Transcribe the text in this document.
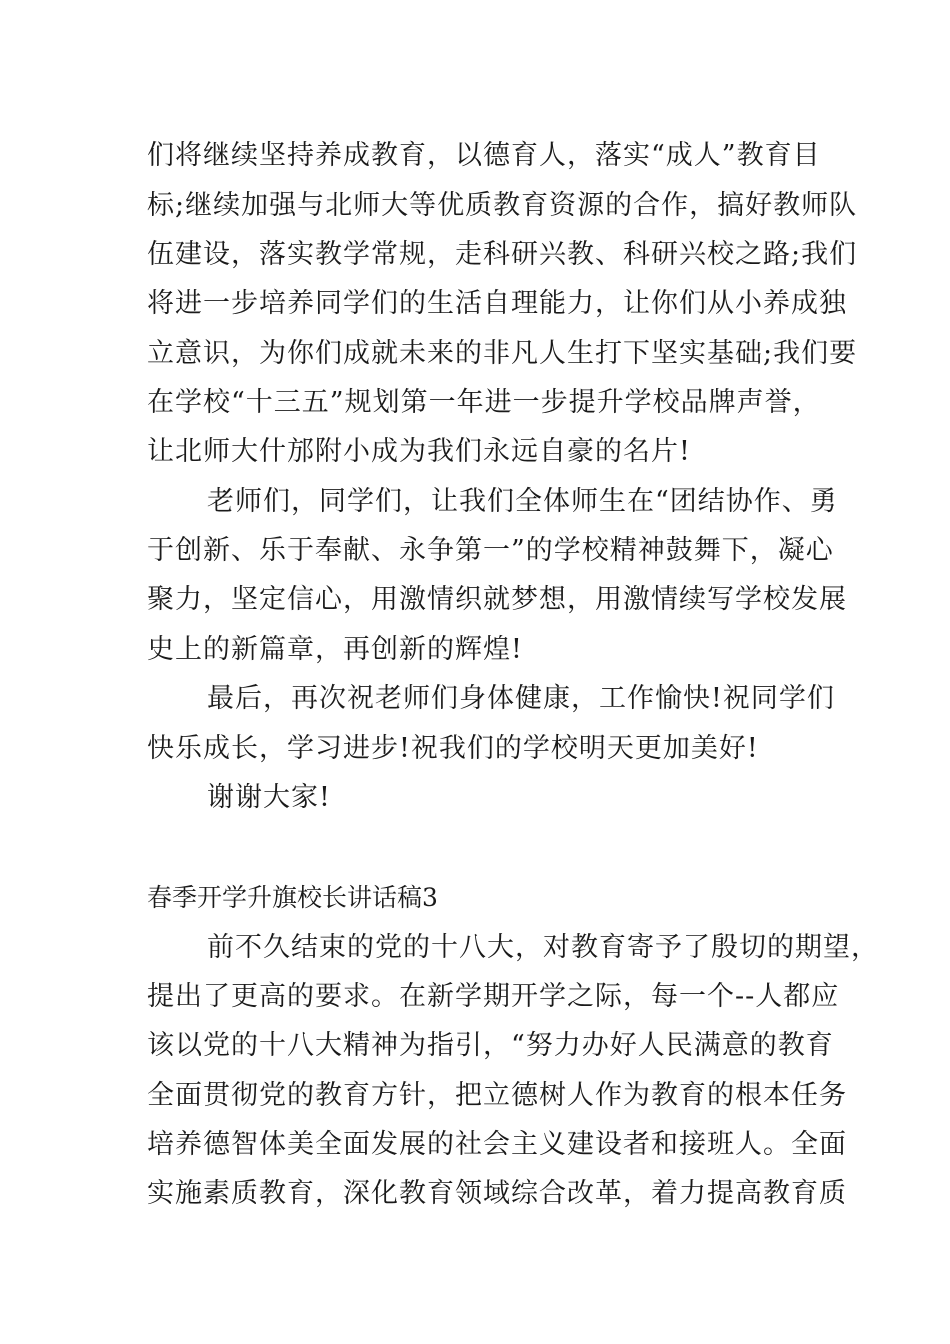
们将继续坚持养成教育，以德育人，落实“成人”教育目
标;继续加强与北师大等优质教育资源的合作，搞好教师队
伍建设，落实教学常规，走科研兴教、科研兴校之路;我们
将进一步培养同学们的生活自理能力，让你们从小养成独
立意识，为你们成就未来的非凡人生打下坚实基础;我们要
在学校“十三五”规划第一年进一步提升学校品牌声誉，
让北师大什邡附小成为我们永远自豪的名片!
老师们，同学们，让我们全体师生在“团结协作、勇
于创新、乐于奉献、永争第一”的学校精神鼓舞下，凝心
聚力，坚定信心，用激情织就梦想，用激情续写学校发展
史上的新篇章，再创新的辉煌!
最后，再次祝老师们身体健康，工作愉快!祝同学们
快乐成长，学习进步!祝我们的学校明天更加美好!
谢谢大家!
春季开学升旗校长讲话稿3
前不久结束的党的十八大，对教育寄予了殷切的期望，
提出了更高的要求。在新学期开学之际，每一个--人都应
该以党的十八大精神为指引，“努力办好人民满意的教育
全面贯彻党的教育方针，把立德树人作为教育的根本任务
培养德智体美全面发展的社会主义建设者和接班人。全面
实施素质教育，深化教育领域综合改革，着力提高教育质
